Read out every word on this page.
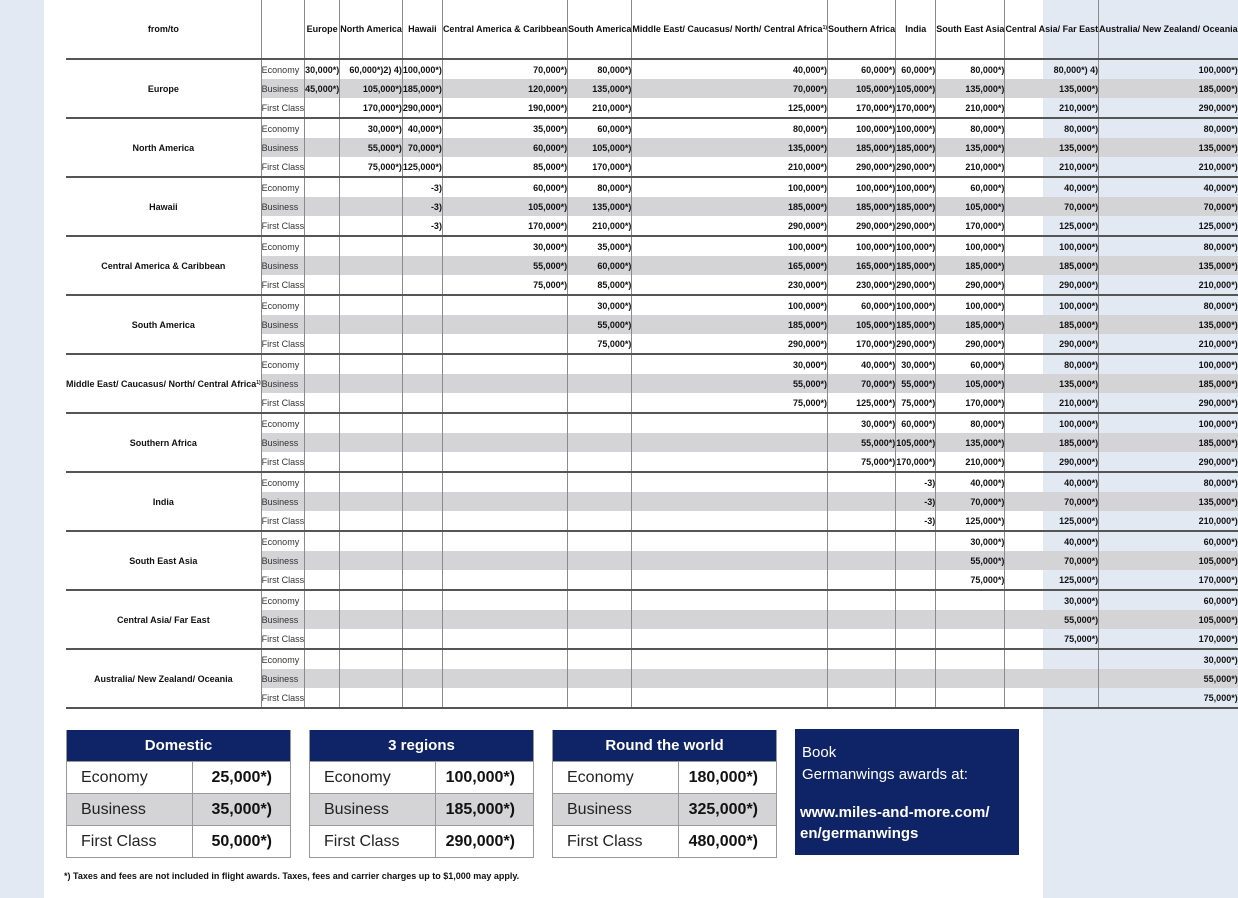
from/to		Europe	North America	Hawaii	Central America & Caribbean	South America	Middle East/ Caucasus/ North/ Central Africa$^{1)}$	Southern Africa	India	South East Asia	Central Asia/ Far East	Australia/ New Zealand/ Oceania
Europe	Economy	30,000*)	60,000*)2) 4)	100,000*)	70,000*)	80,000*)	40,000*)	60,000*)	60,000*)	80,000*)	80,000*) 4)	100,000*)
	Business	45,000*)	105,000*)	185,000*)	120,000*)	135,000*)	70,000*)	105,000*)	105,000*)	135,000*)	135,000*)	185,000*)
	First Class		170,000*)	290,000*)	190,000*)	210,000*)	125,000*)	170,000*)	170,000*)	210,000*)	210,000*)	290,000*)
North America	Economy		30,000*)	40,000*)	35,000*)	60,000*)	80,000*)	100,000*)	100,000*)	80,000*)	80,000*)	80,000*)
	Business		55,000*)	70,000*)	60,000*)	105,000*)	135,000*)	185,000*)	185,000*)	135,000*)	135,000*)	135,000*)
	First Class		75,000*)	125,000*)	85,000*)	170,000*)	210,000*)	290,000*)	290,000*)	210,000*)	210,000*)	210,000*)
Hawaii	Economy			-3)	60,000*)	80,000*)	100,000*)	100,000*)	100,000*)	60,000*)	40,000*)	40,000*)
	Business			-3)	105,000*)	135,000*)	185,000*)	185,000*)	185,000*)	105,000*)	70,000*)	70,000*)
	First Class			-3)	170,000*)	210,000*)	290,000*)	290,000*)	290,000*)	170,000*)	125,000*)	125,000*)
Central America & Caribbean	Economy				30,000*)	35,000*)	100,000*)	100,000*)	100,000*)	100,000*)	100,000*)	80,000*)
	Business				55,000*)	60,000*)	165,000*)	165,000*)	185,000*)	185,000*)	185,000*)	135,000*)
	First Class				75,000*)	85,000*)	230,000*)	230,000*)	290,000*)	290,000*)	290,000*)	210,000*)
South America	Economy					30,000*)	100,000*)	60,000*)	100,000*)	100,000*)	100,000*)	80,000*)
	Business					55,000*)	185,000*)	105,000*)	185,000*)	185,000*)	185,000*)	135,000*)
	First Class					75,000*)	290,000*)	170,000*)	290,000*)	290,000*)	290,000*)	210,000*)
Middle East/ Caucasus/ North/ Central Africa$^{1)}$	Economy						30,000*)	40,000*)	30,000*)	60,000*)	80,000*)	100,000*)
	Business						55,000*)	70,000*)	55,000*)	105,000*)	135,000*)	185,000*)
	First Class						75,000*)	125,000*)	75,000*)	170,000*)	210,000*)	290,000*)
Southern Africa	Economy							30,000*)	60,000*)	80,000*)	100,000*)	100,000*)
	Business							55,000*)	105,000*)	135,000*)	185,000*)	185,000*)
	First Class							75,000*)	170,000*)	210,000*)	290,000*)	290,000*)
India	Economy								-3)	40,000*)	40,000*)	80,000*)
	Business								-3)	70,000*)	70,000*)	135,000*)
	First Class								-3)	125,000*)	125,000*)	210,000*)
South East Asia	Economy									30,000*)	40,000*)	60,000*)
	Business									55,000*)	70,000*)	105,000*)
	First Class									75,000*)	125,000*)	170,000*)
Central Asia/ Far East	Economy										30,000*)	60,000*)
	Business										55,000*)	105,000*)
	First Class										75,000*)	170,000*)
Australia/ New Zealand/ Oceania	Economy											30,000*)
	Business											55,000*)
	First Class											75,000*)
Domestic
Economy	25,000*)
Business	35,000*)
First Class	50,000*)
3 regions
Economy	100,000*)
Business	185,000*)
First Class	290,000*)
Round the world
Economy	180,000*)
Business	325,000*)
First Class	480,000*)
Book
Germanwings awards at:
www.miles-and-more.com/ en/germanwings
*) Taxes and fees are not included in flight awards. Taxes, fees and carrier charges up to $1,000 may apply.
